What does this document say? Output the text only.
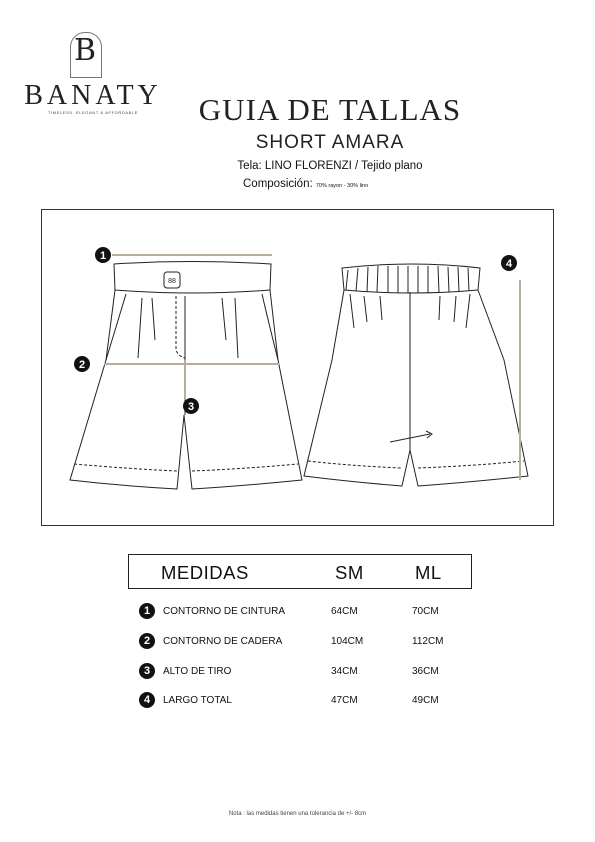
B
BANATY
TIMELESS, ELEGANT & AFFORDABLE	GUIA DE TALLAS
SHORT AMARA
Tela: LINO FLORENZI / Tejido plano
Composición: 70% rayon - 30% lino
88
1
2
3
4
MEDIDAS	SM	ML
1	CONTORNO DE CINTURA	64CM	70CM
2	CONTORNO DE CADERA	104CM	112CM
3	ALTO DE TIRO	34CM	36CM
4	LARGO TOTAL	47CM	49CM
Nota : las medidas tienen una tolerancia de +/- 8cm
